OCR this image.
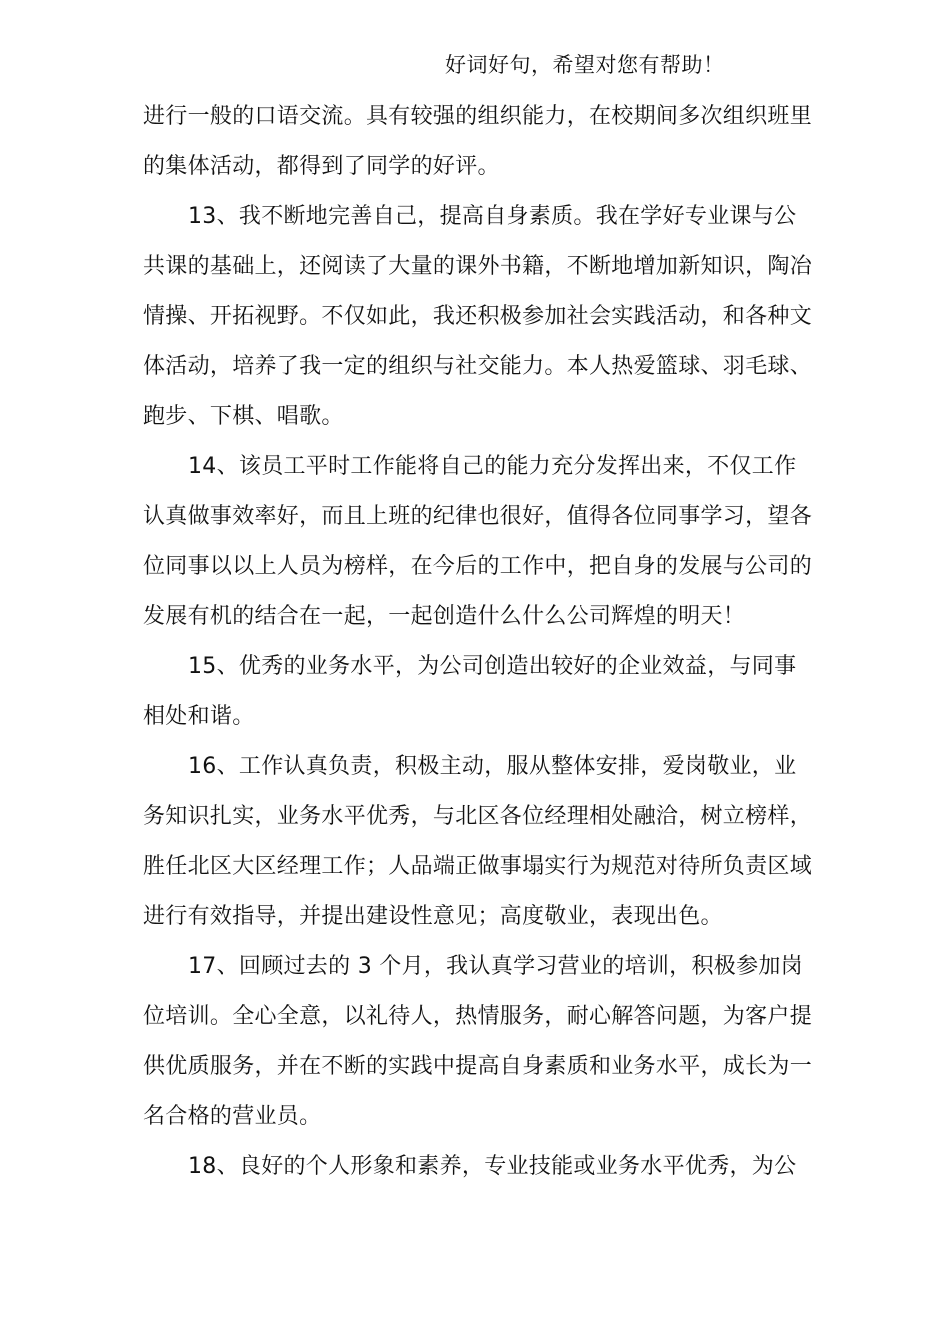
好词好句，希望对您有帮助！
进行一般的口语交流。具有较强的组织能力，在校期间多次组织班里
的集体活动，都得到了同学的好评。
13、我不断地完善自己，提高自身素质。我在学好专业课与公
共课的基础上，还阅读了大量的课外书籍，不断地增加新知识，陶冶
情操、开拓视野。不仅如此，我还积极参加社会实践活动，和各种文
体活动，培养了我一定的组织与社交能力。本人热爱篮球、羽毛球、
跑步、下棋、唱歌。
14、该员工平时工作能将自己的能力充分发挥出来，不仅工作
认真做事效率好，而且上班的纪律也很好，值得各位同事学习，望各
位同事以以上人员为榜样，在今后的工作中，把自身的发展与公司的
发展有机的结合在一起，一起创造什么什么公司辉煌的明天！
15、优秀的业务水平，为公司创造出较好的企业效益，与同事
相处和谐。
16、工作认真负责，积极主动，服从整体安排，爱岗敬业，业
务知识扎实，业务水平优秀，与北区各位经理相处融洽，树立榜样，
胜任北区大区经理工作；人品端正做事塌实行为规范对待所负责区域
进行有效指导，并提出建设性意见；高度敬业，表现出色。
17、回顾过去的 3 个月，我认真学习营业的培训，积极参加岗
位培训。全心全意，以礼待人，热情服务，耐心解答问题，为客户提
供优质服务，并在不断的实践中提高自身素质和业务水平，成长为一
名合格的营业员。
18、良好的个人形象和素养，专业技能或业务水平优秀，为公
